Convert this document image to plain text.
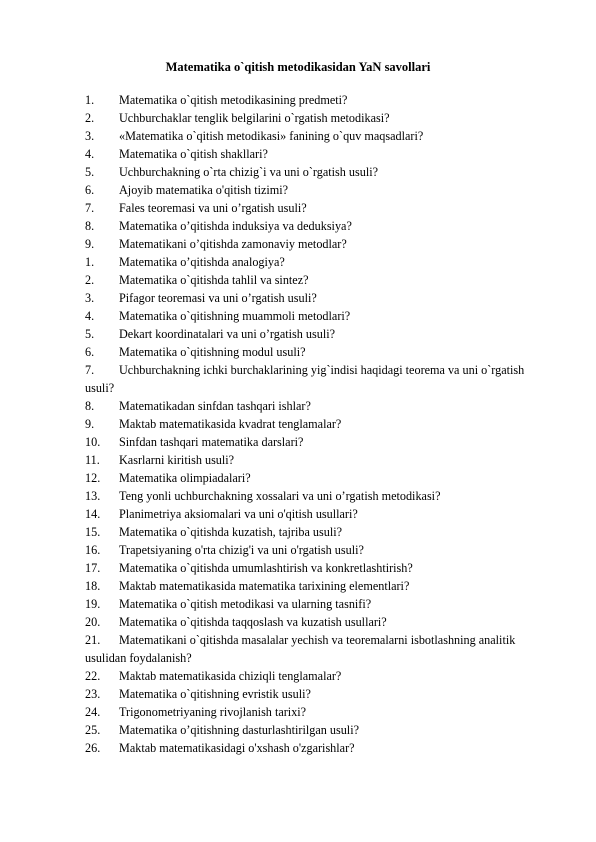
Matematika o`qitish metodikasidan YaN savollari
1. Matematika o`qitish metodikasining predmeti?
2. Uchburchaklar tenglik belgilarini o`rgatish metodikasi?
3. «Matematika o`qitish metodikasi» fanining o`quv maqsadlari?
4. Matematika o`qitish shakllari?
5. Uchburchakning o`rta chizig`i va uni o`rgatish usuli?
6. Ajoyib matematika o'qitish tizimi?
7. Fales teoremasi va uni o’rgatish usuli?
8. Matematika o’qitishda induksiya va deduksiya?
9. Matematikani o’qitishda zamonaviy metodlar?
1. Matematika o’qitishda analogiya?
2. Matematika o`qitishda tahlil va sintez?
3. Pifagor teoremasi va uni o’rgatish usuli?
4. Matematika o`qitishning muammoli metodlari?
5. Dekart koordinatalari va uni o’rgatish usuli?
6. Matematika o`qitishning modul usuli?
7. Uchburchakning ichki burchaklarining yig`indisi haqidagi teorema va uni o`rgatish usuli?
8. Matematikadan sinfdan tashqari ishlar?
9. Maktab matematikasida kvadrat tenglamalar?
10. Sinfdan tashqari matematika darslari?
11. Kasrlarni kiritish usuli?
12. Matematika olimpiadalari?
13. Teng yonli uchburchakning xossalari va uni o’rgatish metodikasi?
14. Planimetriya aksiomalari va uni o'qitish usullari?
15. Matematika o`qitishda kuzatish, tajriba usuli?
16. Trapetsiyaning o'rta chizig'i va uni o'rgatish usuli?
17. Matematika o`qitishda umumlashtirish va konkretlashtirish?
18. Maktab matematikasida matematika tarixining elementlari?
19. Matematika o`qitish metodikasi va ularning tasnifi?
20. Matematika o`qitishda taqqoslash va kuzatish usullari?
21. Matematikani o`qitishda masalalar yechish va teoremalarni isbotlashning analitik usulidan foydalanish?
22. Maktab matematikasida chiziqli tenglamalar?
23. Matematika o`qitishning evristik usuli?
24. Trigonometriyaning rivojlanish tarixi?
25. Matematika o’qitishning dasturlashtirilgan usuli?
26. Maktab matematikasidagi o'xshash o'zgarishlar?
